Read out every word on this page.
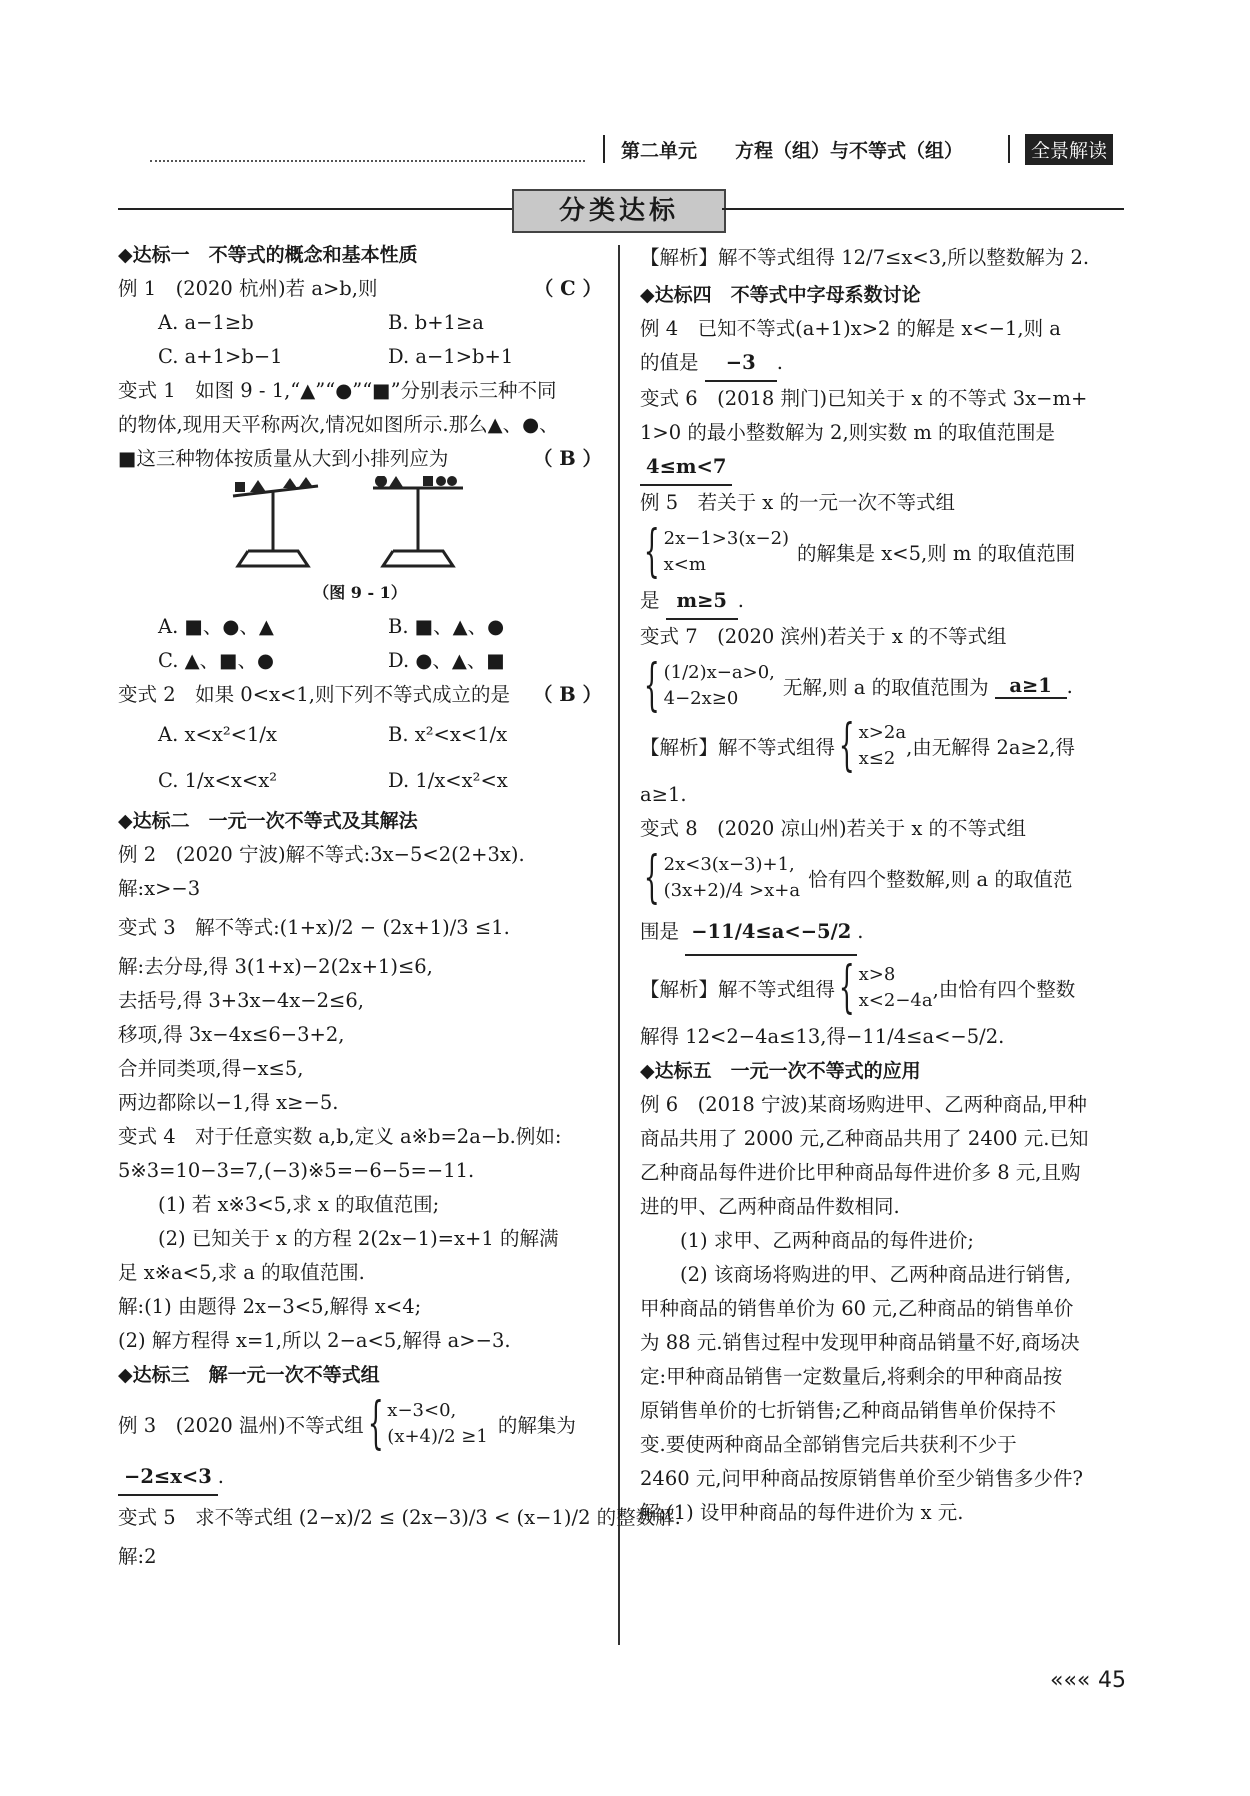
第二单元 方程（组）与不等式（组）	全景解读
分类达标

◆达标一　不等式的概念和基本性质

例 1　(2020 杭州)若 a>b,则	（ C ）

A. a−1≥b	B. b+1≥a

C. a+1>b−1	D. a−1>b+1

变式 1　如图 9 - 1,“▲”“●”“■”分别表示三种不同

的物体,现用天平称两次,情况如图所示.那么▲、●、

■这三种物体按质量从大到小排列应为	（ B ）

（图 9 - 1）

A. ■、●、▲	B. ■、▲、●

C. ▲、■、●	D. ●、▲、■

变式 2　如果 0<x<1,则下列不等式成立的是 （ B ）

A. x<x²<1/x	B. x²<x<1/x

C. 1/x<x<x²	D. 1/x<x²<x

◆达标二　一元一次不等式及其解法

例 2　(2020 宁波)解不等式:3x−5<2(2+3x).

解:x>−3

变式 3　解不等式:(1+x)/2 − (2x+1)/3 ≤1.

解:去分母,得 3(1+x)−2(2x+1)≤6,

去括号,得 3+3x−4x−2≤6,

移项,得 3x−4x≤6−3+2,

合并同类项,得−x≤5,

两边都除以−1,得 x≥−5.

变式 4　对于任意实数 a,b,定义 a※b=2a−b.例如:

5※3=10−3=7,(−3)※5=−6−5=−11.

(1) 若 x※3<5,求 x 的取值范围;

(2) 已知关于 x 的方程 2(2x−1)=x+1 的解满

足 x※a<5,求 a 的取值范围.

解:(1) 由题得 2x−3<5,解得 x<4;

(2) 解方程得 x=1,所以 2−a<5,解得 a>−3.

◆达标三　解一元一次不等式组

例 3　(2020 温州)不等式组 { x−3<0,
(x+4)/2 ≥1 的解集为

−2≤x<3 .

变式 5　求不等式组 (2−x)/2 ≤ (2x−3)/3 < (x−1)/2 的整数解.

解:2

【解析】解不等式组得 12/7≤x<3,所以整数解为 2.

◆达标四　不等式中字母系数讨论

例 4　已知不等式(a+1)x>2 的解是 x<−1,则 a

的值是 −3 .

变式 6　(2018 荆门)已知关于 x 的不等式 3x−m+

1>0 的最小整数解为 2,则实数 m 的取值范围是

4≤m<7

例 5　若关于 x 的一元一次不等式组

{ 2x−1>3(x−2)
x<m	的解集是 x<5,则 m 的取值范围

是 m≥5 .

变式 7　(2020 滨州)若关于 x 的不等式组

{ (1/2)x−a>0,
4−2x≥0	无解,则 a 的取值范围为	a≥1 .
【解析】解不等式组得 { x>2a
x≤2 ,由无解得 2a≥2,得

a≥1.

变式 8　(2020 凉山州)若关于 x 的不等式组

{ 2x<3(x−3)+1,
(3x+2)/4 >x+a 恰有四个整数解,则 a 的取值范

围是 −11/4≤a<−5/2 .

【解析】解不等式组得 { x>8
x<2−4a ,由恰有四个整数

解得 12<2−4a≤13,得−11/4≤a<−5/2.

◆达标五　一元一次不等式的应用

例 6　(2018 宁波)某商场购进甲、乙两种商品,甲种

商品共用了 2000 元,乙种商品共用了 2400 元.已知

乙种商品每件进价比甲种商品每件进价多 8 元,且购

进的甲、乙两种商品件数相同.

(1) 求甲、乙两种商品的每件进价;

(2) 该商场将购进的甲、乙两种商品进行销售,

甲种商品的销售单价为 60 元,乙种商品的销售单价

为 88 元.销售过程中发现甲种商品销量不好,商场决

定:甲种商品销售一定数量后,将剩余的甲种商品按

原销售单价的七折销售;乙种商品销售单价保持不

变.要使两种商品全部销售完后共获利不少于

2460 元,问甲种商品按原销售单价至少销售多少件?

解:(1) 设甲种商品的每件进价为 x 元.

««« 45
